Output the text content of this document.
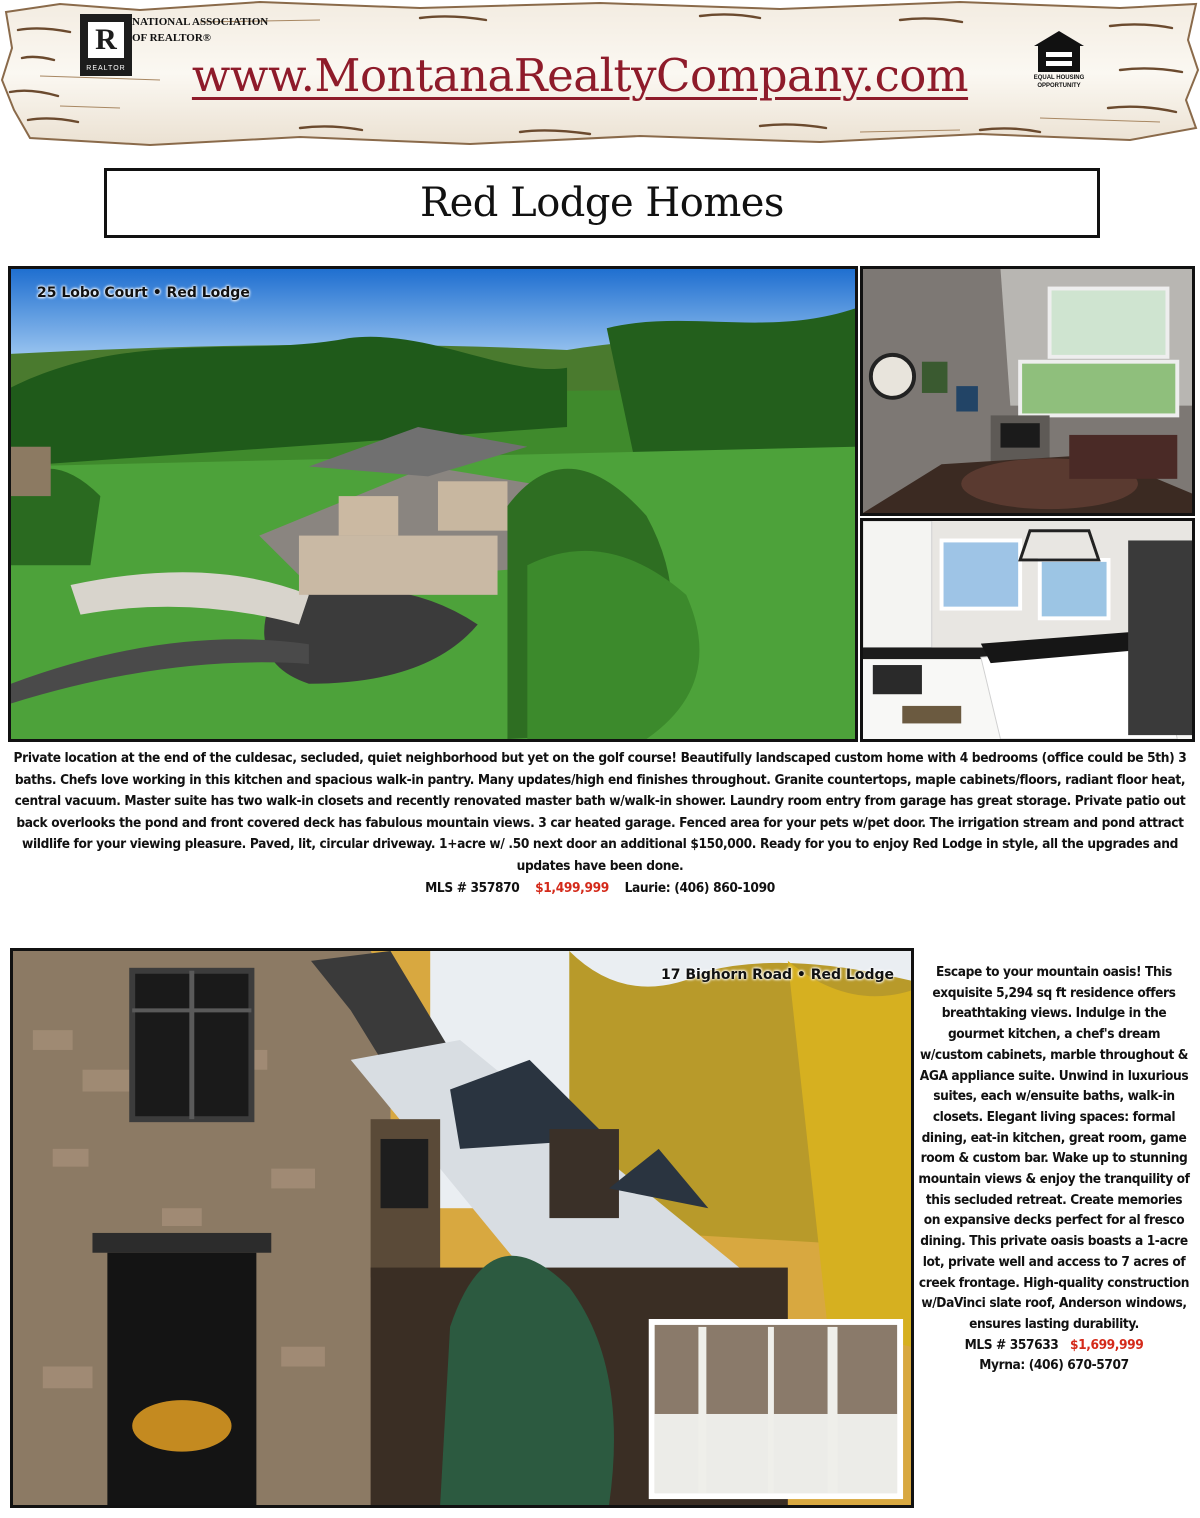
R
REALTOR
NATIONAL ASSOCIATION
OF REALTOR®
www.MontanaRealtyCompany.com	EQUAL HOUSING
OPPORTUNITY
Red Lodge Homes
25 Lobo Court • Red Lodge
Private location at the end of the culdesac, secluded, quiet neighborhood but yet on the golf course! Beautifully landscaped custom home with 4 bedrooms (office could be 5th) 3 baths. Chefs love working in this kitchen and spacious walk-in pantry. Many updates/high end finishes throughout. Granite countertops, maple cabinets/floors, radiant floor heat, central vacuum. Master suite has two walk-in closets and recently renovated master bath w/walk-in shower. Laundry room entry from garage has great storage. Private patio out back overlooks the pond and front covered deck has fabulous mountain views. 3 car heated garage. Fenced area for your pets w/pet door. The irrigation stream and pond attract wildlife for your viewing pleasure. Paved, lit, circular driveway. 1+acre w/ .50 next door an additional $150,000. Ready for you to enjoy Red Lodge in style, all the upgrades and updates have been done.
MLS # 357870 $1,499,999 Laurie: (406) 860-1090
17 Bighorn Road • Red Lodge	Escape to your mountain oasis! This exquisite 5,294 sq ft residence offers breathtaking views. Indulge in the gourmet kitchen, a chef's dream w/custom cabinets, marble throughout & AGA appliance suite. Unwind in luxurious suites, each w/ensuite baths, walk-in closets. Elegant living spaces: formal dining, eat-in kitchen, great room, game room & custom bar. Wake up to stunning mountain views & enjoy the tranquility of this secluded retreat. Create memories on expansive decks perfect for al fresco dining. This private oasis boasts a 1-acre lot, private well and access to 7 acres of creek frontage. High-quality construction w/DaVinci slate roof, Anderson windows, ensures lasting durability.
MLS # 357633 $1,699,999
Myrna: (406) 670-5707
